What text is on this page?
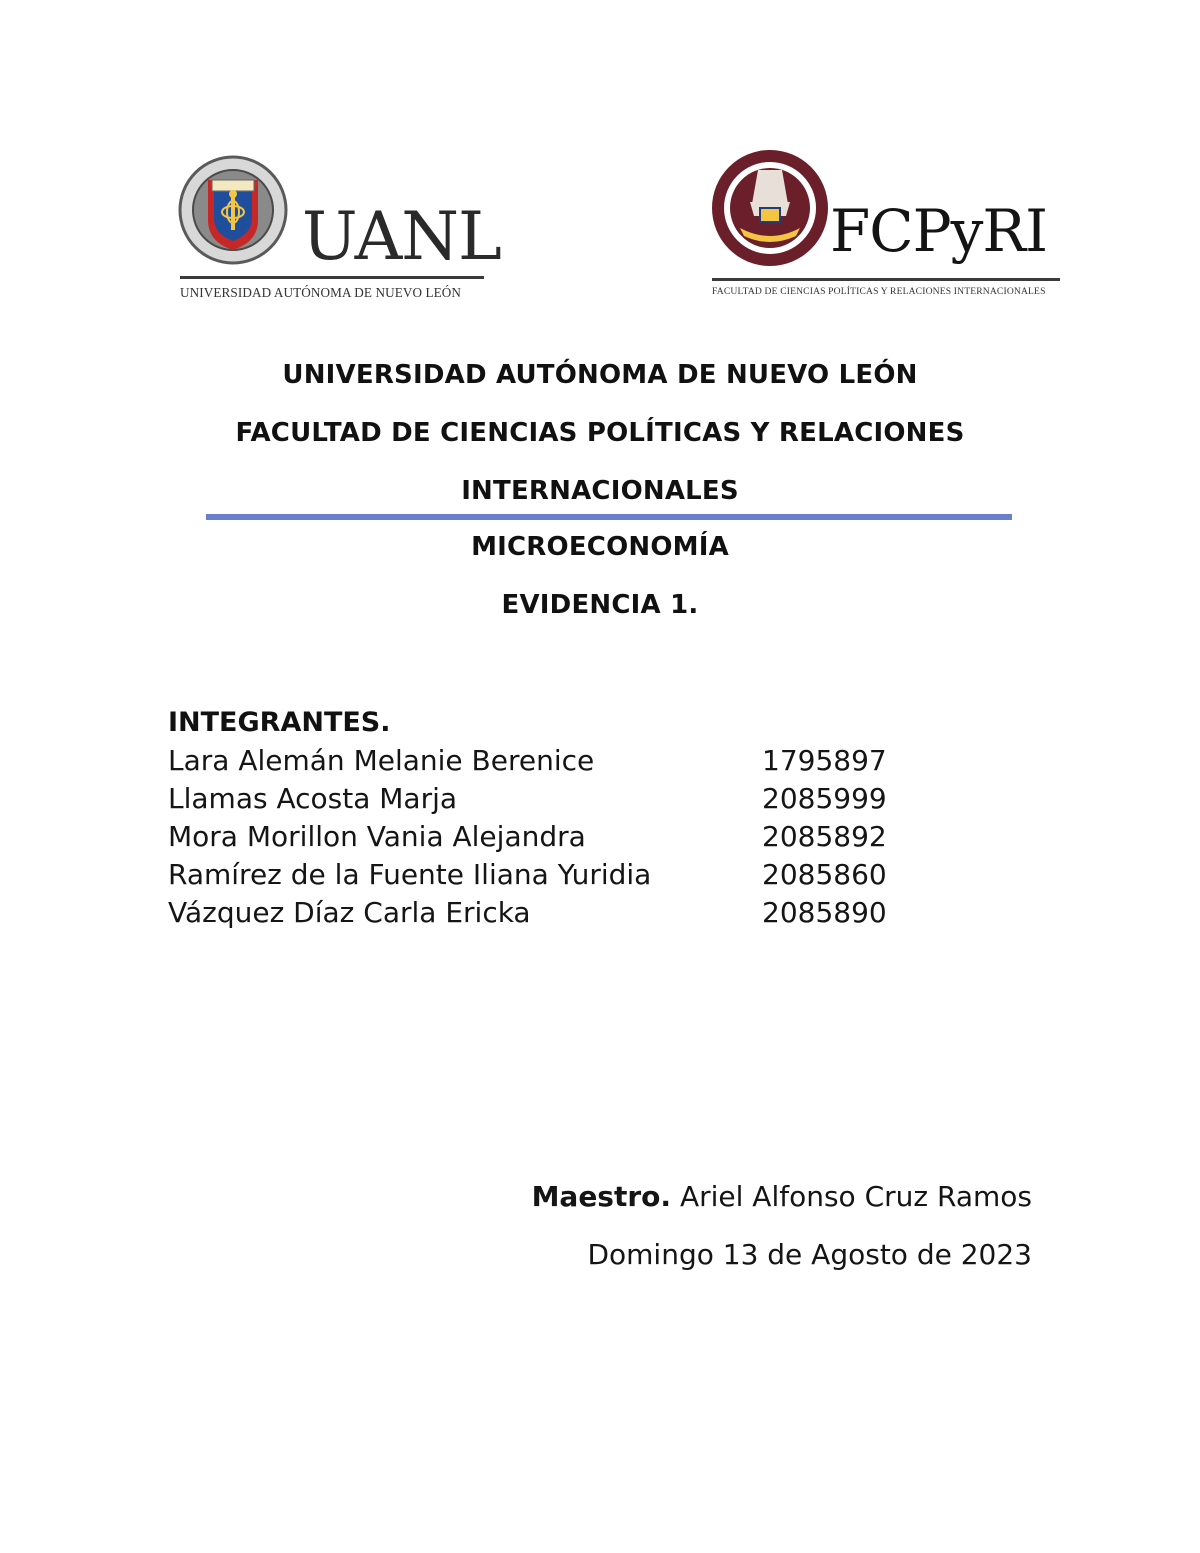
UANL
UNIVERSIDAD AUTÓNOMA DE NUEVO LEÓN
FCPyRI
FACULTAD DE CIENCIAS POLÍTICAS Y RELACIONES INTERNACIONALES
UNIVERSIDAD AUTÓNOMA DE NUEVO LEÓN
FACULTAD DE CIENCIAS POLÍTICAS Y RELACIONES
INTERNACIONALES
MICROECONOMÍA
EVIDENCIA 1.
INTEGRANTES.
Lara Alemán Melanie Berenice	1795897
Llamas Acosta Marja	2085999
Mora Morillon Vania Alejandra	2085892
Ramírez de la Fuente Iliana Yuridia	2085860
Vázquez Díaz Carla Ericka	2085890
Maestro. Ariel Alfonso Cruz Ramos
Domingo 13 de Agosto de 2023
